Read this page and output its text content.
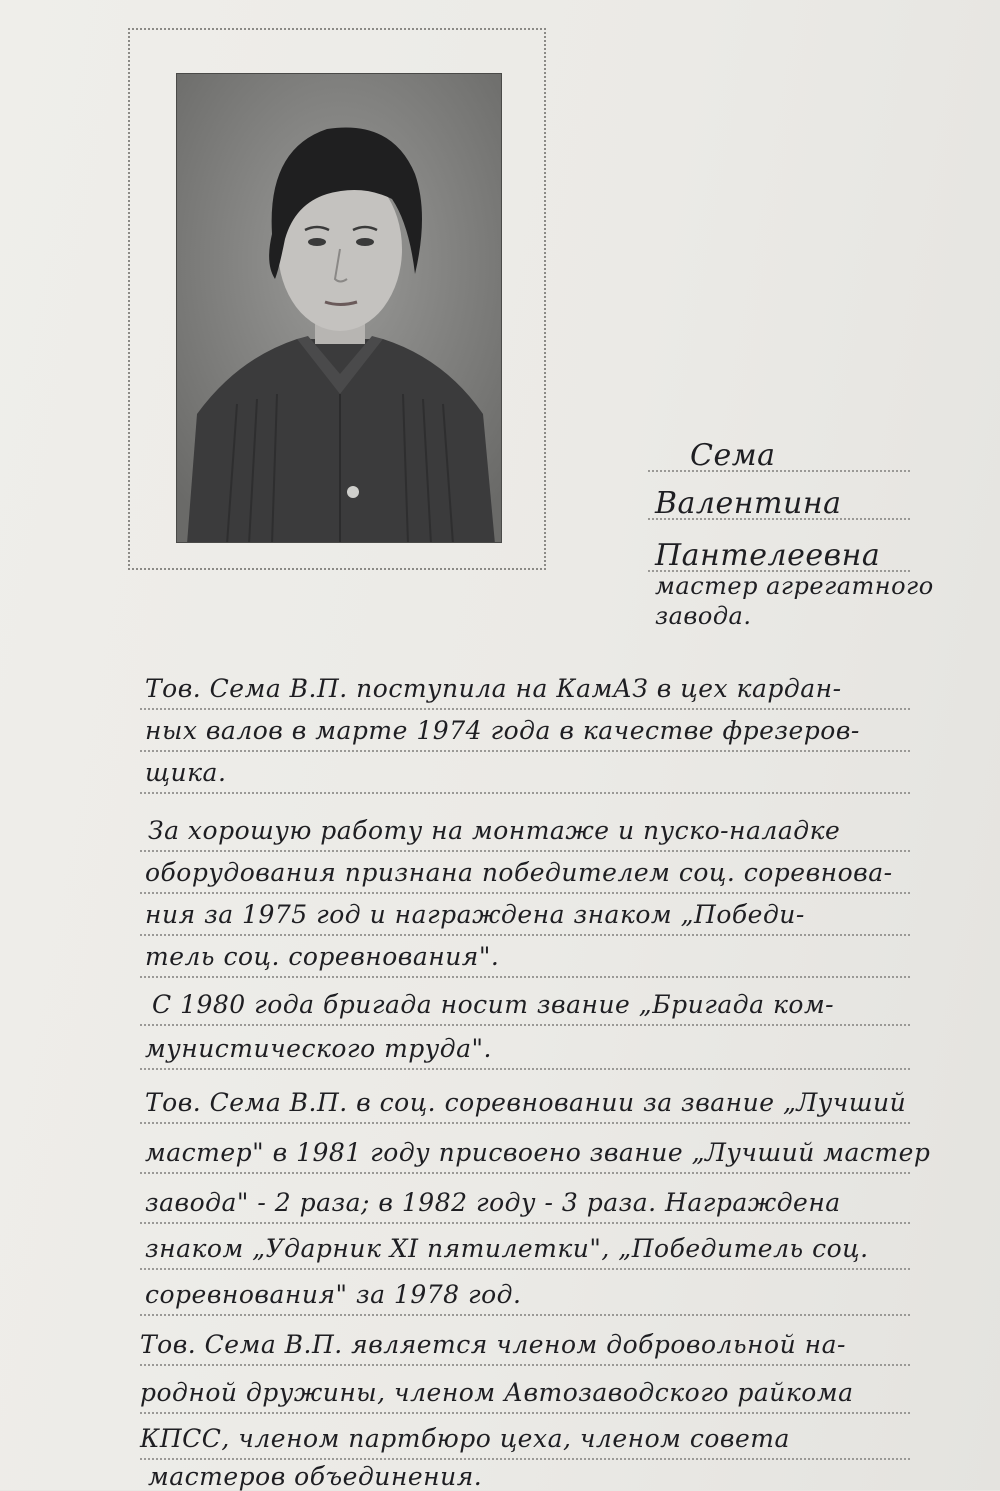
Сема
Валентина
Пантелеевна
мастер агрегатного
завода.
Тов. Сема В.П. поступила на КамАЗ в цех кардан-
ных валов в марте 1974 года в качестве фрезеров-
щика.
За хорошую работу на монтаже и пуско-наладке
оборудования признана победителем соц. соревнова-
ния за 1975 год и награждена знаком „Победи-
тель соц. соревнования".
С 1980 года бригада носит звание „Бригада ком-
мунистического труда".
Тов. Сема В.П. в соц. соревновании за звание „Лучший
мастер" в 1981 году присвоено звание „Лучший мастер
завода" - 2 раза; в 1982 году - 3 раза. Награждена
знаком „Ударник XI пятилетки", „Победитель соц.
соревнования" за 1978 год.
Тов. Сема В.П. является членом добровольной на-
родной дружины, членом Автозаводского райкома
КПСС, членом партбюро цеха, членом совета
мастеров объединения.
